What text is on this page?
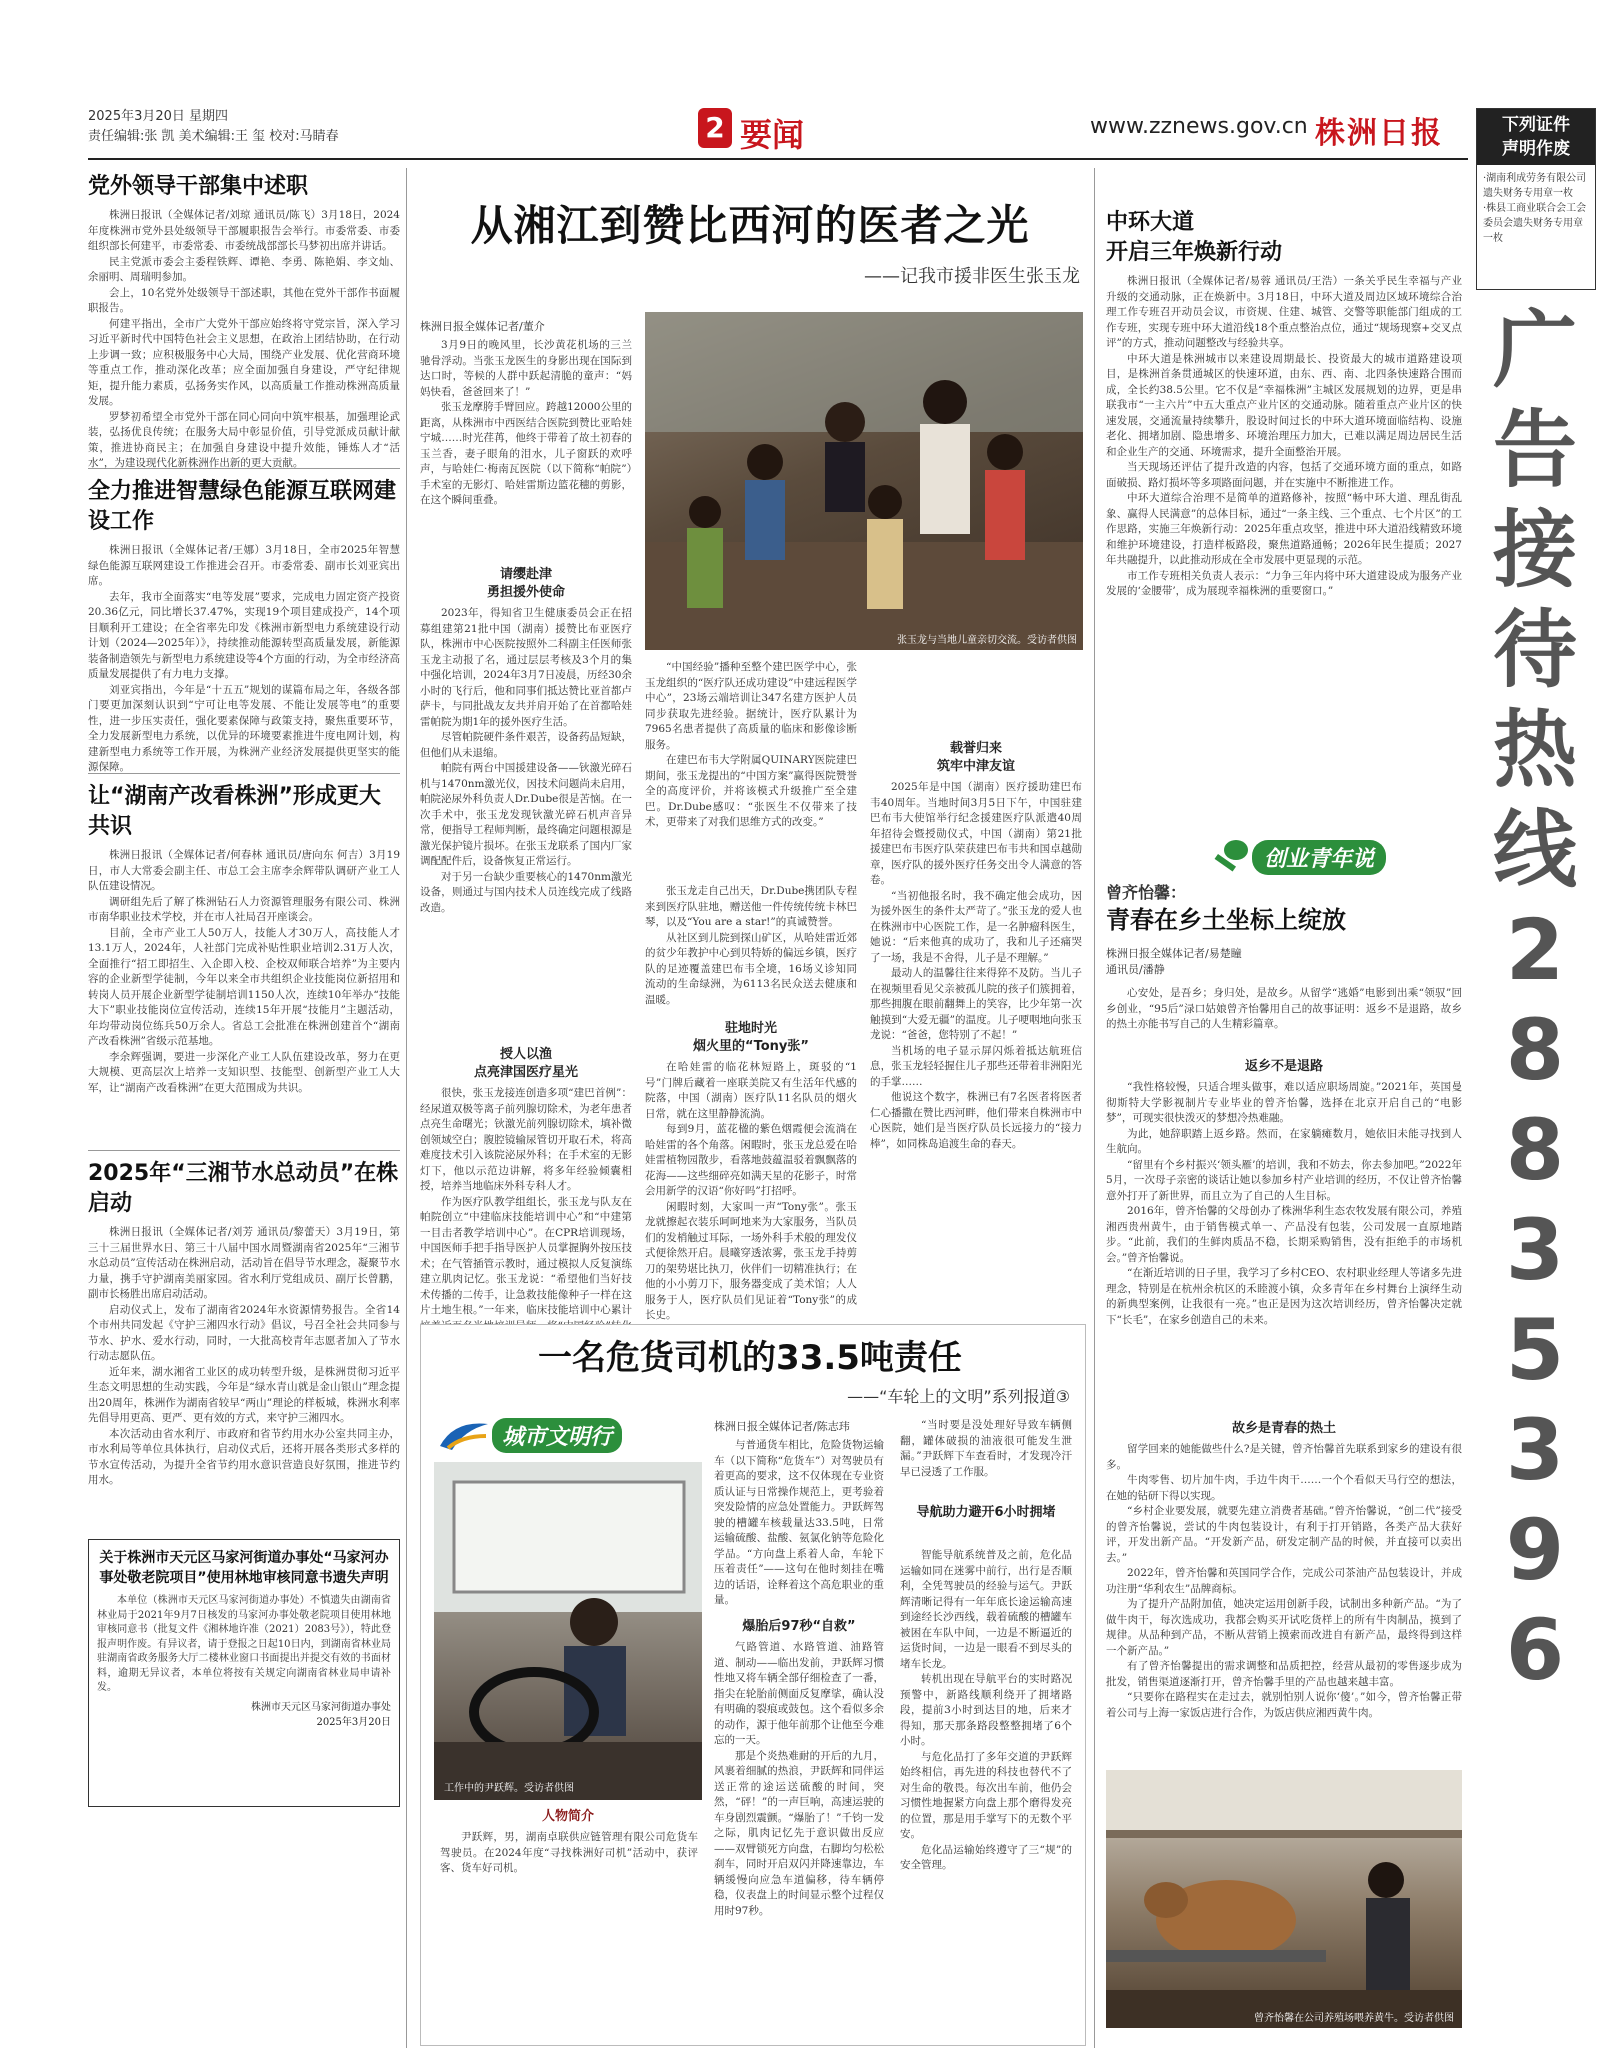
2025年3月20日 星期四
责任编辑:张 凯 美术编辑:王 玺 校对:马睛春	2 要闻	www.zznews.gov.cn 株洲日报	下列证件
声明作废
·湖南利成劳务有限公司遗失财务专用章一枚
·株县工商业联合会工会委员会遗失财务专用章一枚
广
告
接
待
热
线
2
8
8
3
5
3
9
6
党外领导干部集中述职

株洲日报讯（全媒体记者/刘琼 通讯员/陈飞）3月18日，2024年度株洲市党外县处级领导干部履职报告会举行。市委常委、市委组织部长何建平，市委常委、市委统战部部长马梦初出席并讲话。

民主党派市委会主委程铁辉、谭艳、李勇、陈艳娟、李文灿、余丽明、周瑞明参加。

会上，10名党外处级领导干部述职，其他在党外干部作书面履职报告。

何建平指出，全市广大党外干部应始终将守党宗旨，深入学习习近平新时代中国特色社会主义思想，在政治上团结协助，在行动上步调一致；应积极服务中心大局，围绕产业发展、优化营商环境等重点工作，推动深化改革；应全面加强自身建设，严守纪律规矩，提升能力素质，弘扬务实作风，以高质量工作推动株洲高质量发展。

罗梦初希望全市党外干部在同心同向中筑牢根基，加强理论武装，弘扬优良传统；在服务大局中彰显价值，引导党派成员献计献策，推进协商民主；在加强自身建设中提升效能，锤炼人才“活水”，为建设现代化新株洲作出新的更大贡献。

全力推进智慧绿色能源互联网建设工作

株洲日报讯（全媒体记者/王娜）3月18日，全市2025年智慧绿色能源互联网建设工作推进会召开。市委常委、副市长刘亚宾出席。

去年，我市全面落实“电等发展”要求，完成电力固定资产投资20.36亿元，同比增长37.47%，实现19个项目建成投产，14个项目顺利开工建设；在全省率先印发《株洲市新型电力系统建设行动计划（2024—2025年）》，持续推动能源转型高质量发展，新能源装备制造领先与新型电力系统建设等4个方面的行动，为全市经济高质量发展提供了有力电力支撑。

刘亚宾指出，今年是“十五五”规划的谋篇布局之年，各级各部门要更加深刻认识到“宁可让电等发展、不能让发展等电”的重要性，进一步压实责任，强化要素保障与政策支持，聚焦重要环节，全力发展新型电力系统，以优异的环境要素推进牛度电网计划，构建新型电力系统等工作开展，为株洲产业经济发展提供更坚实的能源保障。

让“湖南产改看株洲”形成更大共识

株洲日报讯（全媒体记者/何春林 通讯员/唐向东 何吉）3月19日，市人大常委会副主任、市总工会主席李余辉带队调研产业工人队伍建设情况。

调研组先后了解了株洲钻石人力资源管理服务有限公司、株洲市南华职业技术学校，并在市人社局召开座谈会。

目前，全市产业工人50万人，技能人才30万人，高技能人才13.1万人，2024年，人社部门完成补贴性职业培训2.31万人次，全面推行“招工即招生、入企即入校、企校双师联合培养”为主要内容的企业新型学徒制，今年以来全市共组织企业技能岗位新招用和转岗人员开展企业新型学徒制培训1150人次，连续10年举办“技能大下”职业技能岗位宣传活动，连续15年开展“技能月”主题活动，年均带动岗位练兵50万余人。省总工会批准在株洲创建首个“湖南产改看株洲”省级示范基地。

李余辉强调，要进一步深化产业工人队伍建设改革，努力在更大规模、更高层次上培养一支知识型、技能型、创新型产业工人大军，让“湖南产改看株洲”在更大范围成为共识。

2025年“三湘节水总动员”在株启动

株洲日报讯（全媒体记者/刘芳 通讯员/黎蕾天）3月19日，第三十三届世界水日、第三十八届中国水周暨湖南省2025年“三湘节水总动员”宣传活动在株洲启动，活动旨在倡导节水理念，凝聚节水力量，携手守护湖南美丽家园。省水利厅党组成员、副厅长曾鹏，副市长杨胜出席启动活动。

启动仪式上，发布了湖南省2024年水资源情势报告。全省14个市州共同发起《守护三湘四水行动》倡议，号召全社会共同参与节水、护水、爱水行动，同时，一大批高校青年志愿者加入了节水行动志愿队伍。

近年来，湖水湘省工业区的成功转型升级，是株洲贯彻习近平生态文明思想的生动实践，今年是“绿水青山就是金山银山”理念提出20周年，株洲作为湖南省较早“两山”理论的样板城，株洲水利率先倡导用更高、更严、更有效的方式，来守护三湘四水。

本次活动由省水利厅、市政府和省节约用水办公室共同主办，市水利局等单位具体执行，启动仪式后，还将开展各类形式多样的节水宣传活动，为提升全省节约用水意识营造良好氛围，推进节约用水。

关于株洲市天元区马家河街道办事处“马家河办事处敬老院项目”使用林地审核同意书遗失声明

本单位（株洲市天元区马家河街道办事处）不慎遗失由湖南省林业局于2021年9月7日核发的马家河办事处敬老院项目使用林地审核同意书（批复文件《湘林地许准（2021）2083号》），特此登报声明作废。有异议者，请于登报之日起10日内，到湖南省林业局驻湖南省政务服务大厅二楼林业窗口书面提出并提交有效的书面材料，逾期无异议者，本单位将按有关规定向湖南省林业局申请补发。

株洲市天元区马家河街道办事处
2025年3月20日
从湘江到赞比西河的医者之光
——记我市援非医生张玉龙
株洲日报全媒体记者/董介
张玉龙与当地儿童亲切交流。受访者供图

3月9日的晚风里，长沙黄花机场的三兰驰骨浮动。当张玉龙医生的身影出现在国际到达口时，等候的人群中跃起清脆的童声：“妈妈快看，爸爸回来了！”

张玉龙摩胯手臂回应。跨越12000公里的距离，从株洲市中西医结合医院到赞比亚哈娃宁城……时光荏苒，他终于带着了故土初春的玉兰香，妻子眼角的泪水，儿子窗跃的欢呼声，与哈娃仁·梅南瓦医院（以下简称“帕院”）手术室的无影灯、哈娃雷斯边篮花穗的剪影，在这个瞬间重叠。

请缨赴津
勇担援外使命

2023年，得知省卫生健康委员会正在招募组建第21批中国（湖南）援赞比布亚医疗队，株洲市中心医院按照外二科副主任医师张玉龙主动报了名，通过层层考核及3个月的集中强化培训，2024年3月7日凌晨，历经30余小时的飞行后，他和同事们抵达赞比亚首都卢萨卡，与同批战友友共并肩开始了在首都哈娃雷帕院为期1年的援外医疗生活。

尽管帕院硬件条件艰苦，设备药品短缺，但他们从未退缩。

帕院有两台中国援建设备——钬激光碎石机与1470nm激光仪，因技术问题尚未启用，帕院泌尿外科负责人Dr.Dube很是苦恼。在一次手术中，张玉龙发现钬激光碎石机声音异常，便指导工程师判断，最终确定问题根源是激光保护镜片损坏。在张玉龙联系了国内厂家调配配件后，设备恢复正常运行。

对于另一台缺少重要核心的1470nm激光设备，则通过与国内技术人员连线完成了线路改造。

授人以渔
点亮津国医疗星光

很快，张玉龙接连创造多项“建巴首例”：经尿道双极等离子前列腺切除术，为老年患者点亮生命曙光；钬激光前列腺切除术，填补微创领域空白；腹腔镜输尿管切开取石术，将高难度技术引入该院泌尿外科；在手术室的无影灯下，他以示范边讲解，将多年经验倾囊相授，培养当地临床外科专科人才。

作为医疗队教学组组长，张玉龙与队友在帕院创立“中建临床技能培训中心”和“中建第一目击者教学培训中心”。在CPR培训现场，中国医师手把手指导医护人员掌握胸外按压技术；在气管插管示教时，通过模拟人反复演练建立肌肉记忆。张玉龙说：“希望他们当好技术传播的二传手，让急救技能像种子一样在这片土地生根。”一年来，临床技能培训中心累计

“中国经验”播种至整个建巴医学中心，张玉龙组织的“医疗队还成功建设”中建远程医学中心”，23场云端培训让347名建方医护人员同步获取先进经验。据统计，医疗队累计为7965名患者提供了高质量的临床和影像诊断服务。

在建巴布韦大学附属QUINARY医院建巴期间，张玉龙提出的“中国方案”赢得医院赞誉全的高度评价，并将该模式升级推广至全建巴。Dr.Dube感叹：“张医生不仅带来了技术，更带来了对我们思维方式的改变。”

张玉龙走自己出天，Dr.Dube携团队专程来到医疗队驻地，赠送他一件传统传统卡林巴琴，以及“You are a star!”的真诚赞誉。

从社区到儿院到探山矿区，从哈娃雷近郊的贫少年教护中心到贝特娇的偏远乡镇，医疗队的足迹覆盖建巴布韦全境，16场义诊知同流动的生命绿洲，为6113名民众送去健康和温暖。

驻地时光
烟火里的“Tony张”

在哈娃雷的临花林短路上，斑驳的“1号”门牌后藏着一座联美院又有生活年代感的院落，中国（湖南）医疗队11名队员的烟火日常，就在这里静静流淌。

每到9月，蓝花楹的紫色烟霞便会流淌在哈娃雷的各个角落。闲暇时，张玉龙总爱在哈娃雷植物园散步，看落地鼓蕴温驳着飘飘落的花海——这些细碎亮如满天星的花影子，时常会用新学的汉语“你好吗”打招呼。

闲暇时刻，大家叫一声“Tony张”。张玉龙就擦起衣装乐呵呵地来为大家服务，当队员们的发梢触过耳际，一场外科手术般的理发仪式便徐然开启。晨曦穿透浓雾，张玉龙手持剪刀的架势堪比执刀，伙伴们一切精准执行；在他的小小剪刀下，服务器变成了美术馆；人人服务于人，医疗队员们见证着“Tony张”的成长史。

载誉归来
筑牢中津友谊

2025年是中国（湖南）医疗援助建巴布韦40周年。当地时间3月5日下午，中国驻建巴布韦大使馆举行纪念援建医疗队派遣40周年招待会暨授勋仪式，中国（湖南）第21批援建巴布韦医疗队荣获建巴布韦共和国卓越勋章，医疗队的援外医疗任务交出令人满意的答卷。

“当初他报名时，我不确定他会成功，因为援外医生的条件太严苛了。”张玉龙的爱人也在株洲市中心医院工作，是一名肿瘤科医生，她说：“后来他真的成功了，我和儿子还痛哭了一场，我是不舍得，儿子是不理解。”

最动人的温馨往往来得猝不及防。当儿子在视频里看见父亲被孤儿院的孩子们簇拥着，那些拥腹在眼前翻舞上的笑容，比少年第一次触摸到“大爱无疆”的温度。儿子哽咽地向张玉龙说：“爸爸，您特别了不起！”

当机场的电子显示屏闪烁着抵达航班信息，张玉龙轻轻握住儿子那些还带着非洲阳光的手掌……

他说这个数字，株洲已有7名医者将医者仁心播撒在赞比西河畔，他们带来自株洲市中心医院，她们是当医疗队员长远接力的“接力棒”，如同株岛追渡生命的春天。

一名危货司机的33.5吨责任
——“车轮上的文明”系列报道③
城市文明行
工作中的尹跃辉。受访者供图
人物简介

尹跃辉，男，湖南卓联供应链管理有限公司危货车驾驶员。在2024年度“寻找株洲好司机”活动中，获评客、货车好司机。

株洲日报全媒体记者/陈志玮

与普通货车相比，危险货物运输车（以下简称“危货车”）对驾驶员有着更高的要求，这不仅体现在专业资质认证与日常操作规范上，更考验着突发险情的应急处置能力。尹跃辉驾驶的槽罐车核载量达33.5吨，日常运输硫酸、盐酸、氨氯化钠等危险化学品。“方向盘上系着人命，车轮下压着责任”——这句在他时刻挂在嘴边的话语，诠释着这个高危职业的重量。

爆胎后97秒“自救”

气路管道、水路管道、油路管道、制动——临出发前，尹跃辉习惯性地又将车辆全部仔细检查了一番，指尖在轮胎前侧面反复摩挲，确认没有明确的裂痕或鼓包。这个看似多余的动作，源于他年前那个让他至今难忘的一天。

那是个炎热难耐的开后的九月，风裹着细腻的热浪，尹跃辉和同伴运送正常的途运送硫酸的时间，突然，“砰！”的一声巨响，高速运驶的车身剧烈震颤。“爆胎了！”千钧一发之际，肌肉记忆先于意识做出反应——双臂锁死方向盘，右脚均匀松松刹车，同时开启双闪并降速靠边，车辆缓慢向应急车道偏移，待车辆停稳，仪表盘上的时间显示整个过程仅用时97秒。

“当时要是没处理好导致车辆侧翻，罐体破损的油液很可能发生泄漏。”尹跃辉下车查看时，才发现冷汗早已浸透了工作服。

导航助力避开6小时拥堵

智能导航系统普及之前，危化品运输如同在迷雾中前行，出行是否顺利，全凭驾驶员的经验与运气。尹跃辉清晰记得有一年年底长途运输高速到途经长沙西线，载着硫酸的槽罐车被困在车队中间，一边是不断逼近的运货时间，一边是一眼看不到尽头的堵车长龙。

转机出现在导航平台的实时路况预警中，新路线顺利绕开了拥堵路段，提前3小时到达目的地，后来才得知，那天那条路段整整拥堵了6个小时。

与危化品打了多年交道的尹跃辉始终相信，再先进的科技也替代不了对生命的敬畏。每次出车前，他仍会习惯性地握紧方向盘上那个磨得发亮的位置，那是用手掌写下的无数个平安。

危化品运输始终遵守了三“规”的安全管理。

中环大道
开启三年焕新行动

株洲日报讯（全媒体记者/易蓉 通讯员/王浩）一条关乎民生幸福与产业升级的交通动脉，正在焕新中。3月18日，中环大道及周边区域环境综合治理工作专班召开动员会议，市资规、住建、城管、交警等职能部门组成的工作专班，实现专班中环大道沿线18个重点整治点位，通过“规场现察+交叉点评”的方式，推动问题整改与经验共享。

中环大道是株洲城市以来建设周期最长、投资最大的城市道路建设项目，是株洲首条贯通城区的快速环道，由东、西、南、北四条快速路合围而成，全长约38.5公里。它不仅是“幸福株洲”主城区发展规划的边界，更是串联我市“一主六片”中五大重点产业片区的交通动脉。随着重点产业片区的快速发展，交通流量持续攀升，股设时间过长的中环大道环境面临结构、设施老化、拥堵加剧、隐患增多、环境治理压力加大，已难以满足周边居民生活和企业生产的交通、环境需求，提升全面整治开展。

当天现场还评估了提升改造的内容，包括了交通环境方面的重点，如路面破损、路灯损坏等多项路面问题，并在实施中不断推进工作。

中环大道综合治理不是简单的道路修补，按照“畅中环大道、理乱街乱象、赢得人民满意”的总体目标，通过“一条主线、三个重点、七个片区”的工作思路，实施三年焕新行动：2025年重点攻坚，推进中环大道沿线精致环境和维护环境建设，打造样板路段，聚焦道路通畅；2026年民生提质；2027年共融提升，以此推动形成在全市发展中更显现的示范。

市工作专班相关负责人表示：“力争三年内将中环大道建设成为服务产业发展的‘金腰带’，成为展现幸福株洲的重要窗口。”

创业青年说
曾齐怡馨：
青春在乡土坐标上绽放
株洲日报全媒体记者/易楚瞳
通讯员/潘静

心安处，是吾乡；身归处，是故乡。从留学“逃婚”电影到出乘“领驭”回乡创业，“95后”渌口姑娘曾齐怡馨用自己的故事证明：返乡不是退路，故乡的热土亦能书写自己的人生精彩篇章。

返乡不是退路

“我性格较慢，只适合埋头做事，难以适应职场周旋。”2021年，英国曼彻斯特大学影视制片专业毕业的曾齐怡馨，选择在北京开启自己的“电影梦”，可现实很快泼灭的梦想冷热难融。

为此，她辞职踏上返乡路。然而，在家躺瘫数月，她依旧未能寻找到人生航向。

“留里有个乡村振兴‘领头雁’的培训，我和不妨去，你去参加吧。”2022年5月，一次母子亲密的谈话让她以参加乡村产业培训的经历，不仅让曾齐怡馨意外打开了新世界，而且立为了自己的人生目标。

2016年，曾齐怡馨的父母创办了株洲华利生态农牧发展有限公司，养殖湘西贵州黄牛，由于销售模式单一、产品没有包装，公司发展一直原地踏步。“此前，我们的生鲜肉质品不稳，长期采购销售，没有拒绝手的市场机会。”曾齐怡馨说。

“在渐近培训的日子里，我学习了乡村CEO、农村职业经理人等诸多先进理念，特别是在杭州余杭区的禾睦渡小镇，众多青年在乡村舞台上演绎生动的新典型案例，让我很有一亮。”也正是因为这次培训经历，曾齐怡馨决定就下“长毛”，在家乡创造自己的未来。

故乡是青春的热土

留学回来的她能做些什么?是关键，曾齐怡馨首先联系到家乡的建设有很多。

牛肉零售、切片加牛肉，手边牛肉干……一个个看似天马行空的想法，在她的钻研下得以实现。

“乡村企业要发展，就要先建立消费者基础。”曾齐怡馨说，“创二代”接受的曾齐怡馨说，尝试的牛肉包装设计，有利于打开销路，各类产品大获好评，开发出新产品。“开发新产品，研发定制产品的时候，并直接可以卖出去。”

2022年，曾齐怡馨和英国同学合作，完成公司茶油产品包装设计，并成功注册“华利农生”品牌商标。

为了提升产品附加值，她决定运用创新手段，试制出多种新产品。“为了做牛肉干，每次选成功，我都会购买开试吃货样上的所有牛肉制品，摸到了规律。从品种到产品，不断从营销上摸索而改进自有新产品，最终得到这样一个新产品。”

有了曾齐怡馨提出的需求调整和品质把控，经营从最初的零售逐步成为批发，销售渠道逐渐打开，曾齐怡馨手里的产品也越来越丰富。

“只要你在路程实在走过去，就别怕别人说你‘傻’。”如今，曾齐怡馨正带着公司与上海一家饭店进行合作，为饭店供应湘西黄牛肉。

曾齐怡馨在公司养殖场喂养黄牛。受访者供图
